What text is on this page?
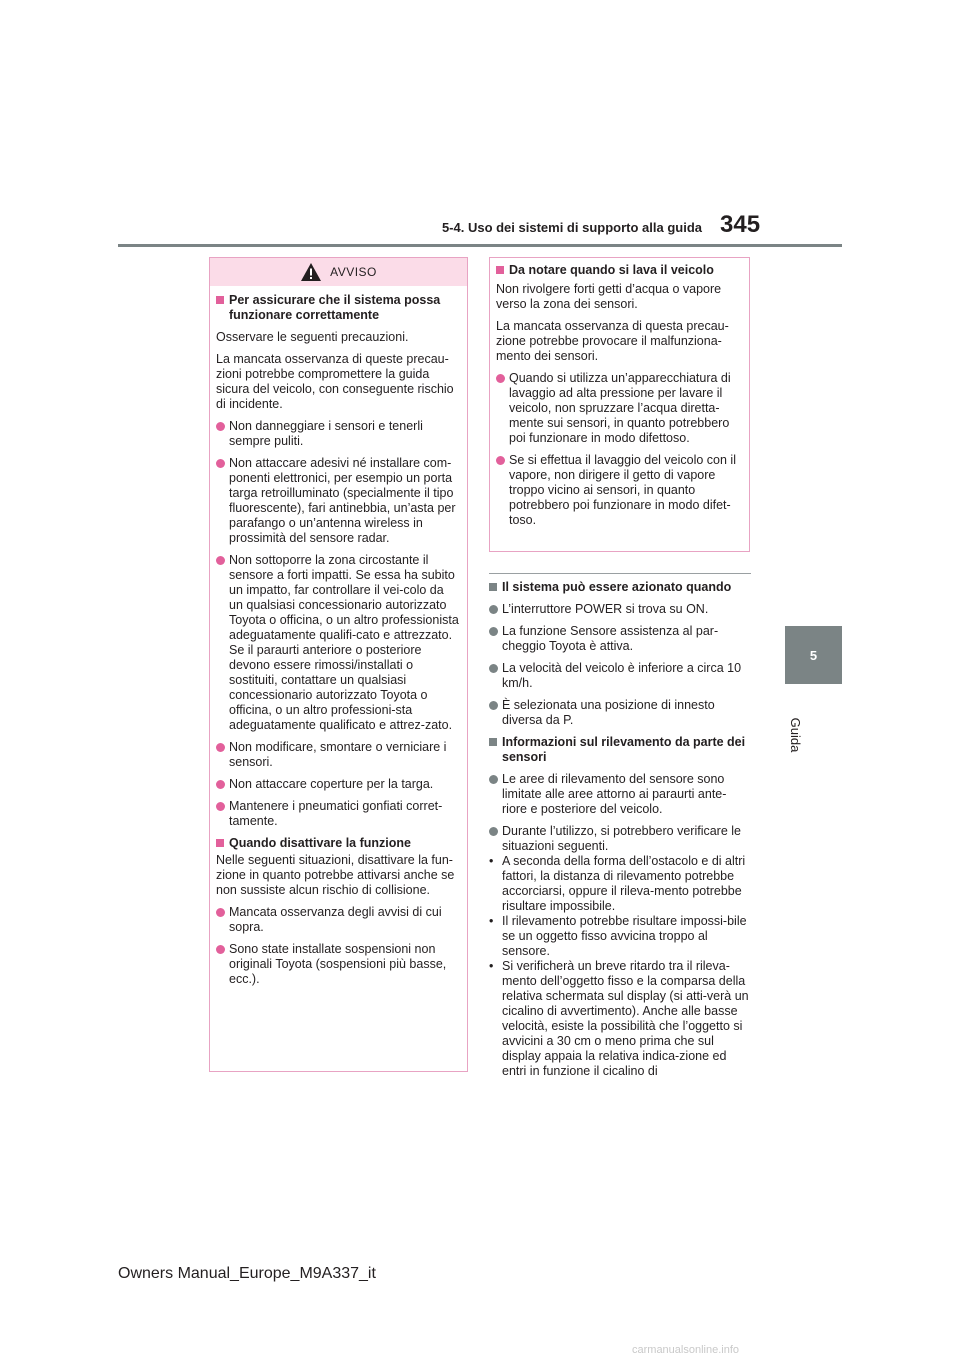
5-4. Uso dei sistemi di supporto alla guida 345
5
Guida
AVVISO
Per assicurare che il sistema possa funzionare correttamente

Osservare le seguenti precauzioni.

La mancata osservanza di queste precau-zioni potrebbe compromettere la guida sicura del veicolo, con conseguente rischio di incidente.

Non danneggiare i sensori e tenerli sempre puliti.
Non attaccare adesivi né installare com-ponenti elettronici, per esempio un porta targa retroilluminato (specialmente il tipo fluorescente), fari antinebbia, un’asta per parafango o un’antenna wireless in prossimità del sensore radar.
Non sottoporre la zona circostante il sensore a forti impatti. Se essa ha subito un impatto, far controllare il vei-colo da un qualsiasi concessionario autorizzato Toyota o officina, o un altro professionista adeguatamente qualifi-cato e attrezzato. Se il paraurti anteriore o posteriore devono essere rimossi/installati o sostituiti, contattare un qualsiasi concessionario autorizzato Toyota o officina, o un altro professioni-sta adeguatamente qualificato e attrez-zato.
Non modificare, smontare o verniciare i sensori.
Non attaccare coperture per la targa.
Mantenere i pneumatici gonfiati corret-tamente.
Quando disattivare la funzione

Nelle seguenti situazioni, disattivare la fun-zione in quanto potrebbe attivarsi anche se non sussiste alcun rischio di collisione.

Mancata osservanza degli avvisi di cui sopra.
Sono state installate sospensioni non originali Toyota (sospensioni più basse, ecc.).
Da notare quando si lava il veicolo

Non rivolgere forti getti d’acqua o vapore verso la zona dei sensori.

La mancata osservanza di questa precau-zione potrebbe provocare il malfunziona-mento dei sensori.

Quando si utilizza un’apparecchiatura di lavaggio ad alta pressione per lavare il veicolo, non spruzzare l’acqua diretta-mente sui sensori, in quanto potrebbero poi funzionare in modo difettoso.
Se si effettua il lavaggio del veicolo con il vapore, non dirigere il getto di vapore troppo vicino ai sensori, in quanto potrebbero poi funzionare in modo difet-toso.
Il sistema può essere azionato quando
L’interruttore POWER si trova su ON.
La funzione Sensore assistenza al par-cheggio Toyota è attiva.
La velocità del veicolo è inferiore a circa 10 km/h.
È selezionata una posizione di innesto diversa da P.
Informazioni sul rilevamento da parte dei sensori
Le aree di rilevamento del sensore sono limitate alle aree attorno ai paraurti ante-riore e posteriore del veicolo.
Durante l’utilizzo, si potrebbero verificare le situazioni seguenti.
• A seconda della forma dell’ostacolo e di altri fattori, la distanza di rilevamento potrebbe accorciarsi, oppure il rileva-mento potrebbe risultare impossibile.
• Il rilevamento potrebbe risultare impossi-bile se un oggetto fisso avvicina troppo al sensore.
• Si verificherà un breve ritardo tra il rileva-mento dell’oggetto fisso e la comparsa della relativa schermata sul display (si atti-verà un cicalino di avvertimento). Anche alle basse velocità, esiste la possibilità che l’oggetto si avvicini a 30 cm o meno prima che sul display appaia la relativa indica-zione ed entri in funzione il cicalino di
Owners Manual_Europe_M9A337_it
carmanualsonline.info
